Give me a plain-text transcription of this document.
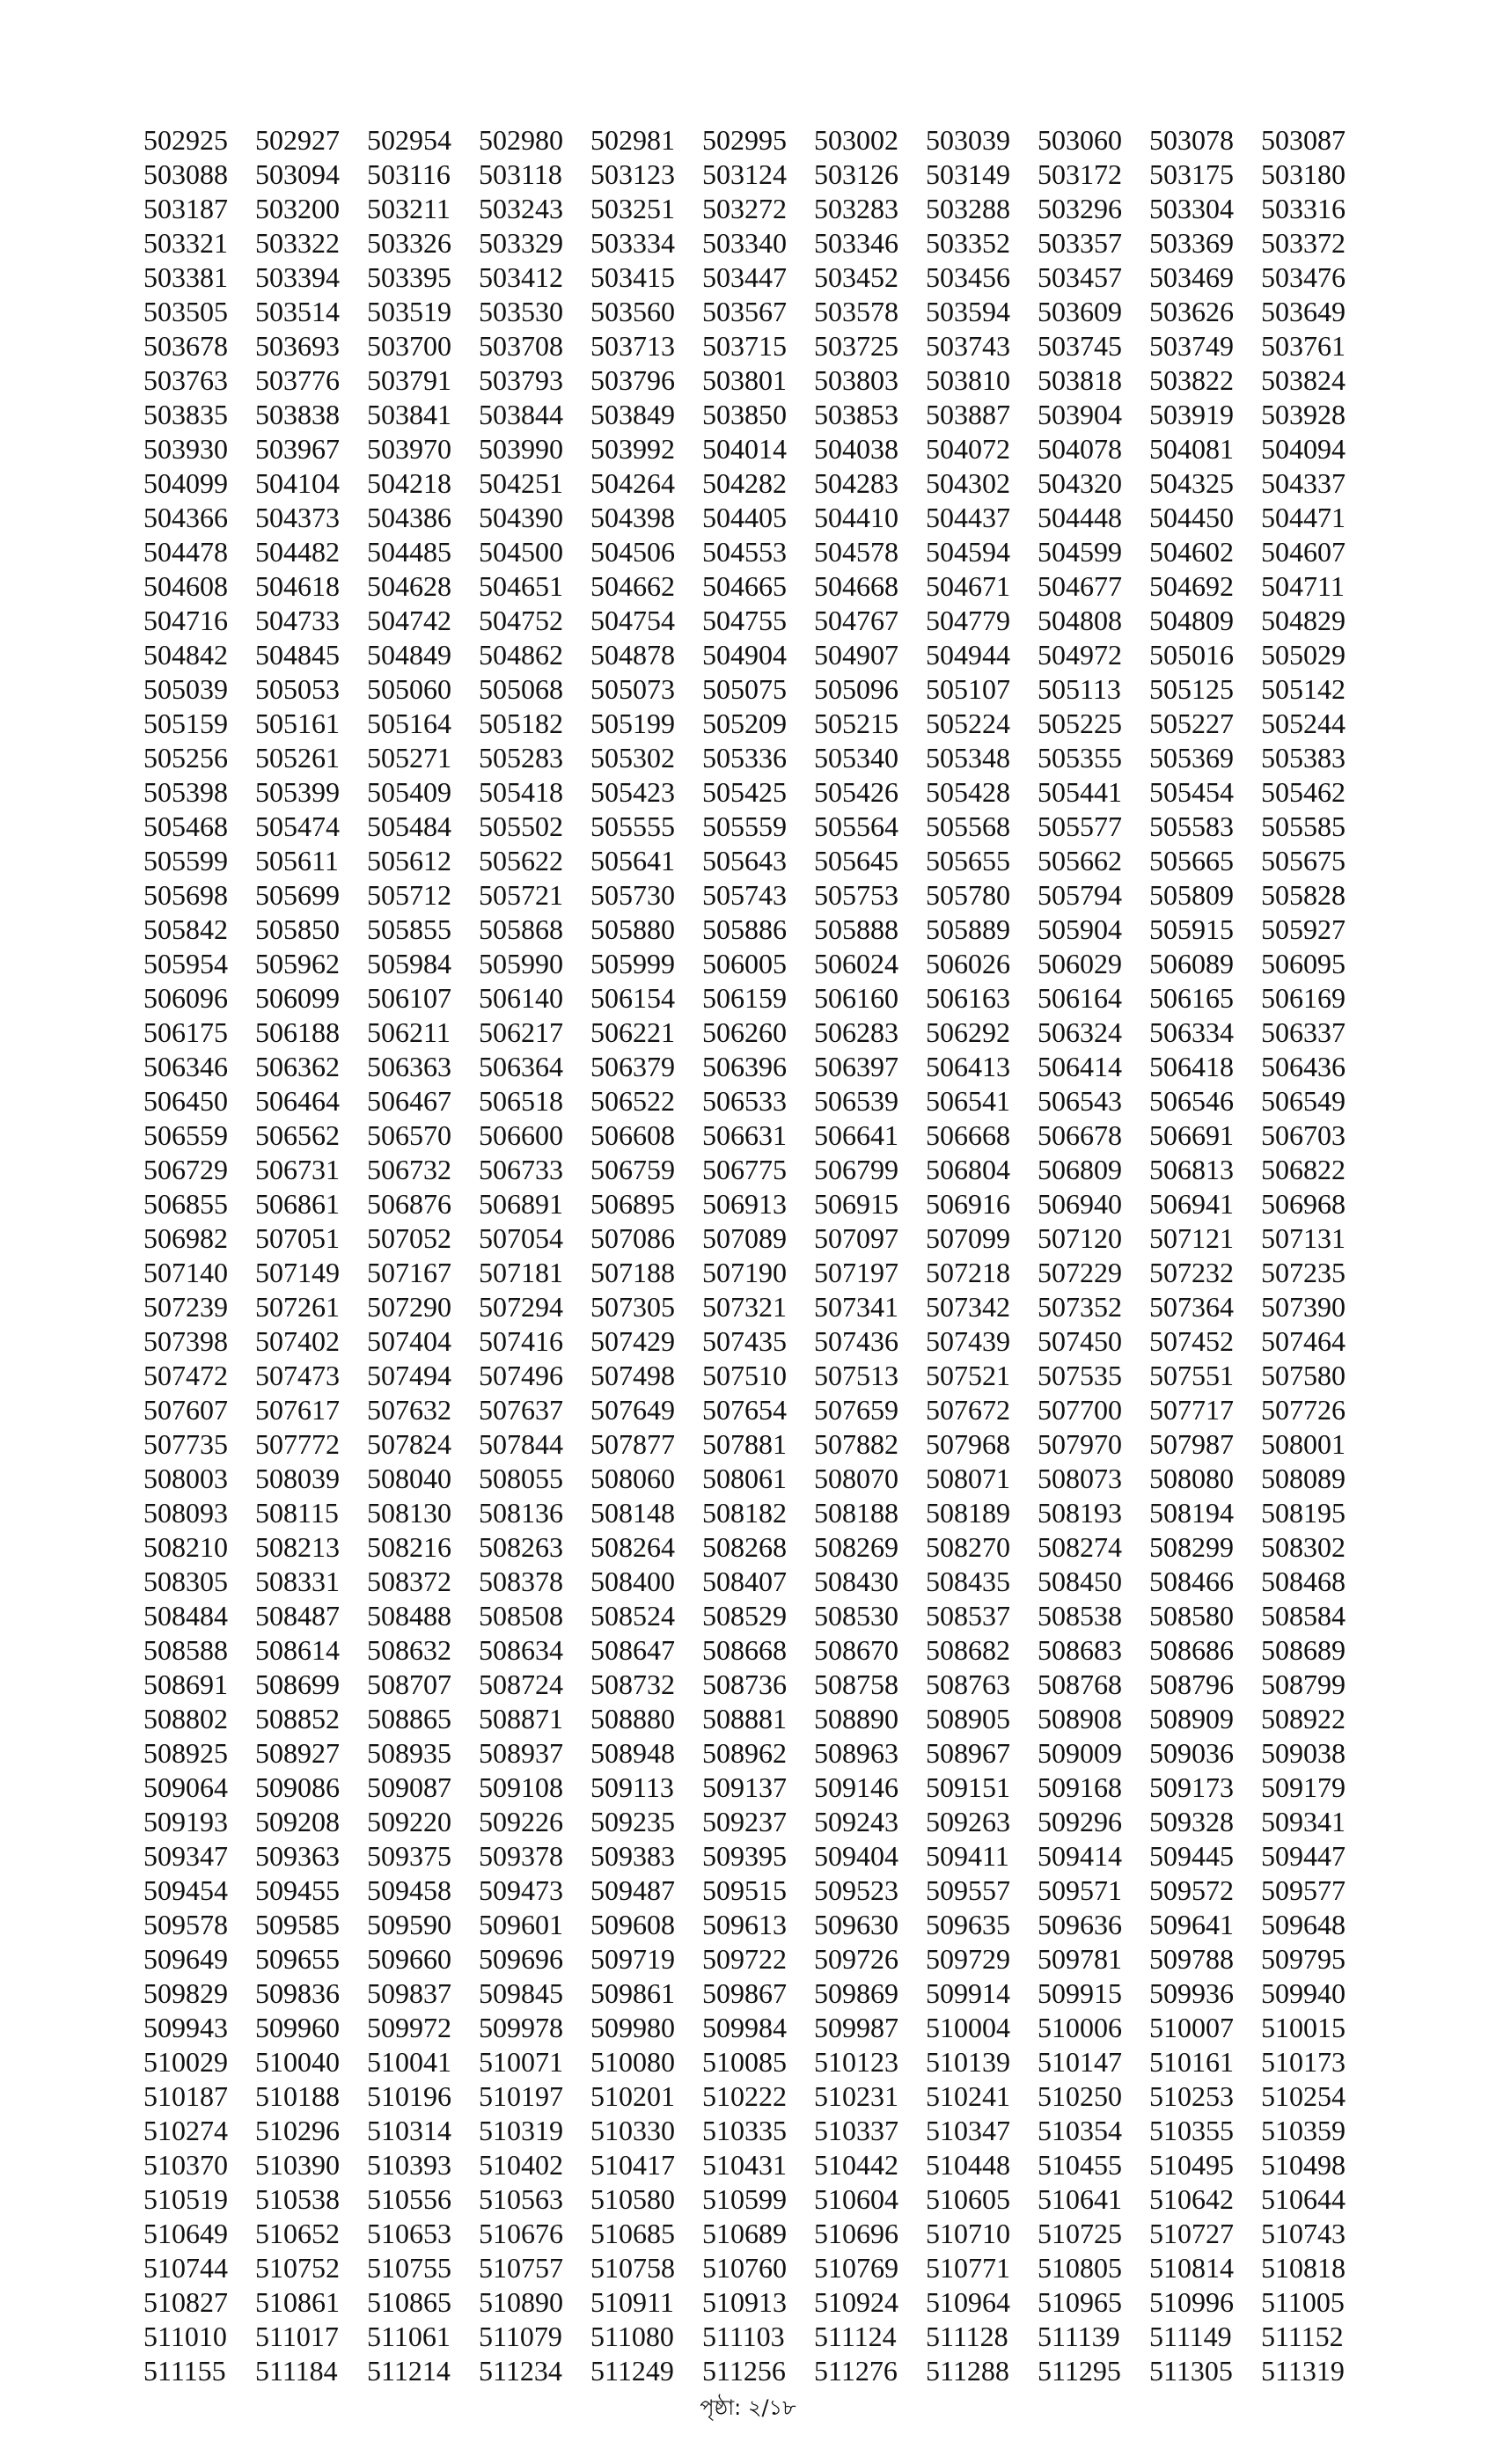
502925 502927 502954 502980 502981 502995 503002 503039 503060 503078 503087
503088 503094 503116	503118	503123 503124 503126 503149 503172 503175 503180
503187 503200 503211	503243 503251 503272 503283 503288 503296 503304 503316
503321 503322 503326 503329 503334 503340 503346 503352 503357 503369 503372
503381 503394 503395 503412 503415 503447 503452 503456 503457 503469 503476
503505 503514 503519 503530 503560 503567 503578 503594 503609 503626 503649
503678 503693 503700 503708 503713 503715 503725 503743 503745 503749 503761
503763 503776 503791 503793 503796 503801 503803 503810 503818 503822 503824
503835 503838 503841 503844 503849 503850 503853 503887 503904 503919 503928
503930 503967 503970 503990 503992 504014 504038 504072 504078 504081 504094
504099 504104 504218 504251 504264 504282 504283 504302 504320 504325 504337
504366 504373 504386 504390 504398 504405 504410 504437 504448 504450 504471
504478 504482 504485 504500 504506 504553 504578 504594 504599 504602 504607
504608 504618 504628 504651 504662 504665 504668 504671 504677 504692 504711
504716 504733 504742 504752 504754 504755 504767 504779 504808 504809 504829
504842 504845 504849 504862 504878 504904 504907 504944 504972 505016 505029
505039 505053 505060 505068 505073 505075 505096 505107 505113	505125 505142
505159 505161 505164 505182 505199 505209 505215 505224 505225 505227 505244
505256 505261 505271 505283 505302 505336 505340 505348 505355 505369 505383
505398 505399 505409 505418 505423 505425 505426 505428 505441 505454 505462
505468 505474 505484 505502 505555 505559 505564 505568 505577 505583 505585
505599 505611	505612 505622 505641 505643 505645 505655 505662 505665 505675
505698 505699 505712 505721 505730 505743 505753 505780 505794 505809 505828
505842 505850 505855 505868 505880 505886 505888 505889 505904 505915 505927
505954 505962 505984 505990 505999 506005 506024 506026 506029 506089 506095
506096 506099 506107 506140 506154 506159 506160 506163 506164 506165 506169
506175 506188 506211	506217 506221 506260 506283 506292 506324 506334 506337
506346 506362 506363 506364 506379 506396 506397 506413 506414 506418 506436
506450 506464 506467 506518 506522 506533 506539 506541 506543 506546 506549
506559 506562 506570 506600 506608 506631 506641 506668 506678 506691 506703
506729 506731 506732 506733 506759 506775 506799 506804 506809 506813 506822
506855 506861 506876 506891 506895 506913 506915 506916 506940 506941 506968
506982 507051 507052 507054 507086 507089 507097 507099 507120 507121 507131
507140 507149 507167 507181 507188 507190 507197 507218 507229 507232 507235
507239 507261 507290 507294 507305 507321 507341 507342 507352 507364 507390
507398 507402 507404 507416 507429 507435 507436 507439 507450 507452 507464
507472 507473 507494 507496 507498 507510 507513 507521 507535 507551 507580
507607 507617 507632 507637 507649 507654 507659 507672 507700 507717 507726
507735 507772 507824 507844 507877 507881 507882 507968 507970 507987 508001
508003 508039 508040 508055 508060 508061 508070 508071 508073 508080 508089
508093 508115	508130 508136 508148 508182 508188 508189 508193 508194 508195
508210 508213 508216 508263 508264 508268 508269 508270 508274 508299 508302
508305 508331 508372 508378 508400 508407 508430 508435 508450 508466 508468
508484 508487 508488 508508 508524 508529 508530 508537 508538 508580 508584
508588 508614 508632 508634 508647 508668 508670 508682 508683 508686 508689
508691 508699 508707 508724 508732 508736 508758 508763 508768 508796 508799
508802 508852 508865 508871 508880 508881 508890 508905 508908 508909 508922
508925 508927 508935 508937 508948 508962 508963 508967 509009 509036 509038
509064 509086 509087 509108 509113	509137 509146 509151 509168 509173 509179
509193 509208 509220 509226 509235 509237 509243 509263 509296 509328 509341
509347 509363 509375 509378 509383 509395 509404 509411	509414 509445 509447
509454 509455 509458 509473 509487 509515 509523 509557 509571 509572 509577
509578 509585 509590 509601 509608 509613 509630 509635 509636 509641 509648
509649 509655 509660 509696 509719 509722 509726 509729 509781 509788 509795
509829 509836 509837 509845 509861 509867 509869 509914 509915 509936 509940
509943 509960 509972 509978 509980 509984 509987 510004 510006 510007 510015
510029 510040 510041 510071 510080 510085 510123 510139 510147 510161 510173
510187 510188 510196 510197 510201 510222 510231 510241 510250 510253 510254
510274 510296 510314 510319 510330 510335 510337 510347 510354 510355 510359
510370 510390 510393 510402 510417 510431 510442 510448 510455 510495 510498
510519 510538 510556 510563 510580 510599 510604 510605 510641 510642 510644
510649 510652 510653 510676 510685 510689 510696 510710 510725 510727 510743
510744 510752 510755 510757 510758 510760 510769 510771 510805 510814 510818
510827 510861 510865 510890 510911	510913 510924 510964 510965 510996 511005
511010	511017	511061	511079	511080	511103	511124	511128	511139	511149	511152
511155	511184	511214	511234	511249	511256	511276	511288	511295	511305	511319
পৃষ্ঠা: ২/১৮
